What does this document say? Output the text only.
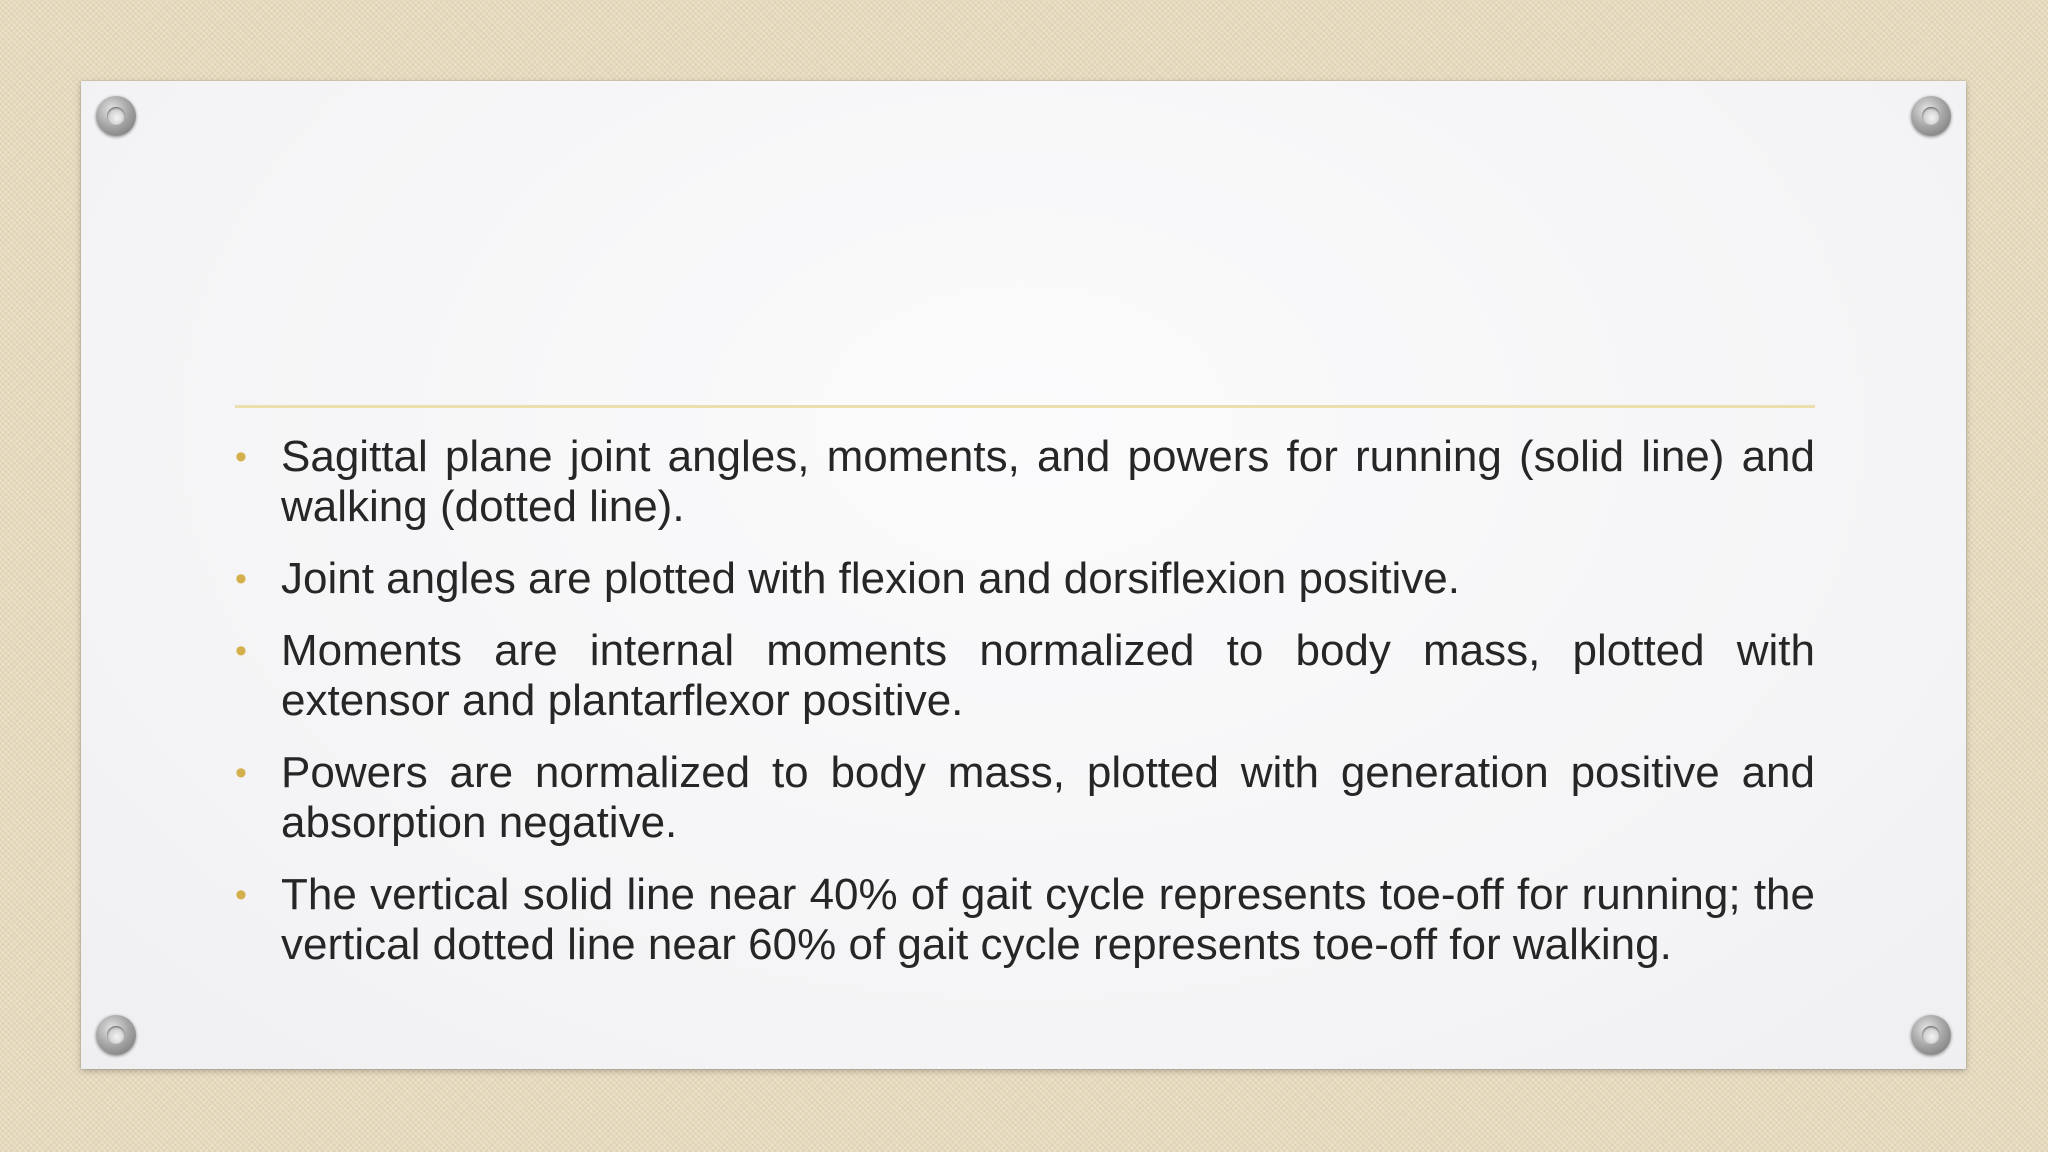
• Sagittal plane joint angles, moments, and powers for running (solid line) and walking (dotted line).
• Joint angles are plotted with flexion and dorsiflexion positive.
• Moments are internal moments normalized to body mass, plotted with extensor and plantarflexor positive.
• Powers are normalized to body mass, plotted with generation positive and absorption negative.
• The vertical solid line near 40% of gait cycle represents toe-off for running; the vertical dotted line near 60% of gait cycle represents toe-off for walking.
